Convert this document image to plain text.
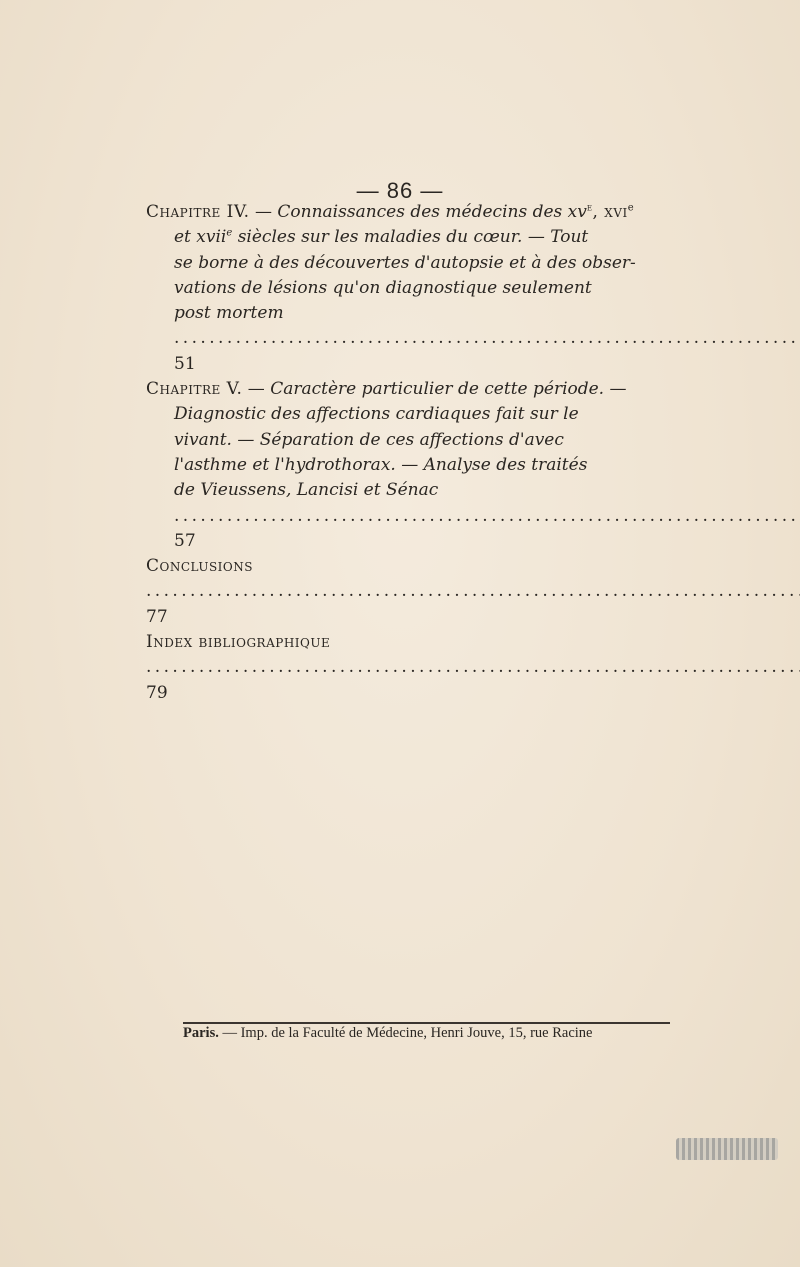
— 86 —
Chapitre IV. — Connaissances des médecins des $xv^e$, xvi$^e$
et xvii$^e$ siècles sur les maladies du cœur. — Tout
se borne à des découvertes d'autopsie et à des obser-
vations de lésions qu'on diagnostique seulement
post mortem . . . 51
Chapitre V. — Caractère particulier de cette période. —
Diagnostic des affections cardiaques fait sur le
vivant. — Séparation de ces affections d'avec
l'asthme et l'hydrothorax. — Analyse des traités
de Vieussens, Lancisi et Sénac . . . 57
Conclusions . . . 77
Index bibliographique . . . 79
Paris. — Imp. de la Faculté de Médecine, Henri Jouve, 15, rue Racine
